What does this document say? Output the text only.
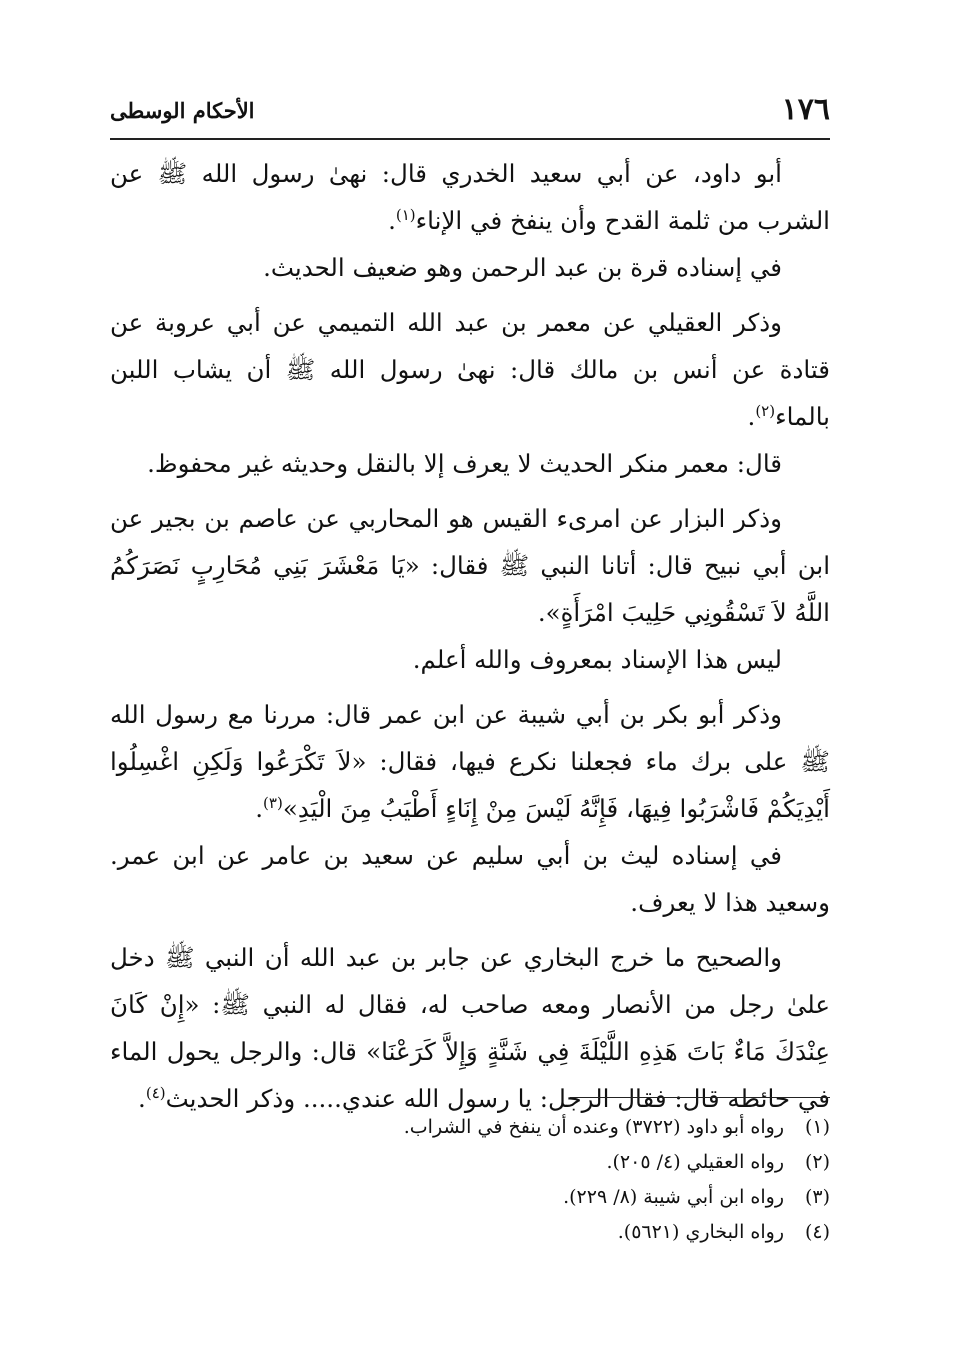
١٧٦
الأحكام الوسطى

أبو داود، عن أبي سعيد الخدري قال: نهىٰ رسول الله ﷺ عن الشرب من ثلمة القدح وأن ينفخ في الإناء$^{(١)}$.

في إسناده قرة بن عبد الرحمن وهو ضعيف الحديث.

وذكر العقيلي عن معمر بن عبد الله التميمي عن أبي عروبة عن قتادة عن أنس بن مالك قال: نهىٰ رسول الله ﷺ أن يشاب اللبن بالماء$^{(٢)}$.

قال: معمر منكر الحديث لا يعرف إلا بالنقل وحديثه غير محفوظ.

وذكر البزار عن امرىء القيس هو المحاربي عن عاصم بن بجير عن ابن أبي نبيح قال: أتانا النبي ﷺ فقال: «يَا مَعْشَرَ بَنِي مُحَارِبٍ نَصَرَكُمُ اللَّهُ لاَ تَسْقُونِي حَلِيبَ امْرَأَةٍ».

ليس هذا الإسناد بمعروف والله أعلم.

وذكر أبو بكر بن أبي شيبة عن ابن عمر قال: مررنا مع رسول الله ﷺ على برك ماء فجعلنا نكرع فيها، فقال: «لاَ تَكْرَعُوا وَلَكِنِ اغْسِلُوا أَيْدِيَكُمْ فَاشْرَبُوا فِيهَا، فَإِنَّهُ لَيْسَ مِنْ إِنَاءٍ أَطْيَبُ مِنَ الْيَدِ»$^{(٣)}$.

في إسناده ليث بن أبي سليم عن سعيد بن عامر عن ابن عمر. وسعيد هذا لا يعرف.

والصحيح ما خرج البخاري عن جابر بن عبد الله أن النبي ﷺ دخل علىٰ رجل من الأنصار ومعه صاحب له، فقال له النبي ﷺ: «إِنْ كَانَ عِنْدَكَ مَاءٌ بَاتَ هَذِهِ اللَّيْلَةَ فِي شَنَّةٍ وَإِلاَّ كَرَعْنَا» قال: والرجل يحول الماء في حائطه قال: فقال الرجل: يا رسول الله عندي..... وذكر الحديث$^{(٤)}$.

(١)
رواه أبو داود (٣٧٢٢) وعنده أن ينفخ في الشراب.
(٢)
رواه العقيلي (٤/ ٢٠٥).
(٣)
رواه ابن أبي شيبة (٨/ ٢٢٩).
(٤)
رواه البخاري (٥٦٢١).
